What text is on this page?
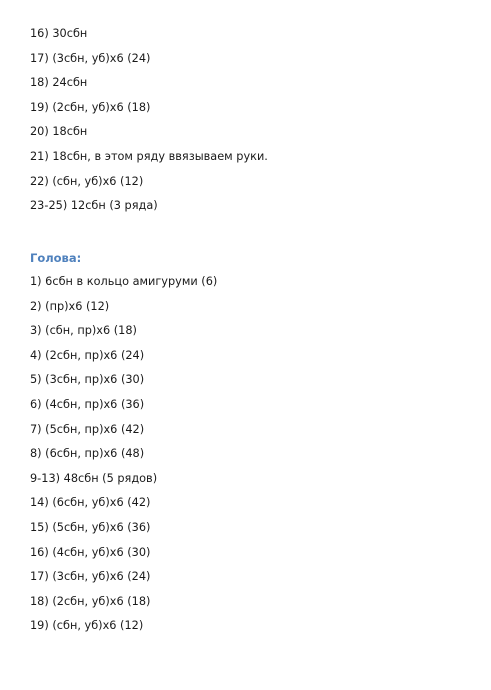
16) 30сбн
17) (3сбн, уб)х6 (24)
18) 24сбн
19) (2сбн, уб)х6 (18)
20) 18сбн
21) 18сбн, в этом ряду ввязываем руки.
22) (сбн, уб)х6 (12)
23-25) 12сбн (3 ряда)
Голова:
1) 6сбн в кольцо амигуруми (6)
2) (пр)х6 (12)
3) (сбн, пр)х6 (18)
4) (2сбн, пр)х6 (24)
5) (3сбн, пр)х6 (30)
6) (4сбн, пр)х6 (36)
7) (5сбн, пр)х6 (42)
8) (6сбн, пр)х6 (48)
9-13) 48сбн (5 рядов)
14) (6сбн, уб)х6 (42)
15) (5сбн, уб)х6 (36)
16) (4сбн, уб)х6 (30)
17) (3сбн, уб)х6 (24)
18) (2сбн, уб)х6 (18)
19) (сбн, уб)х6 (12)
